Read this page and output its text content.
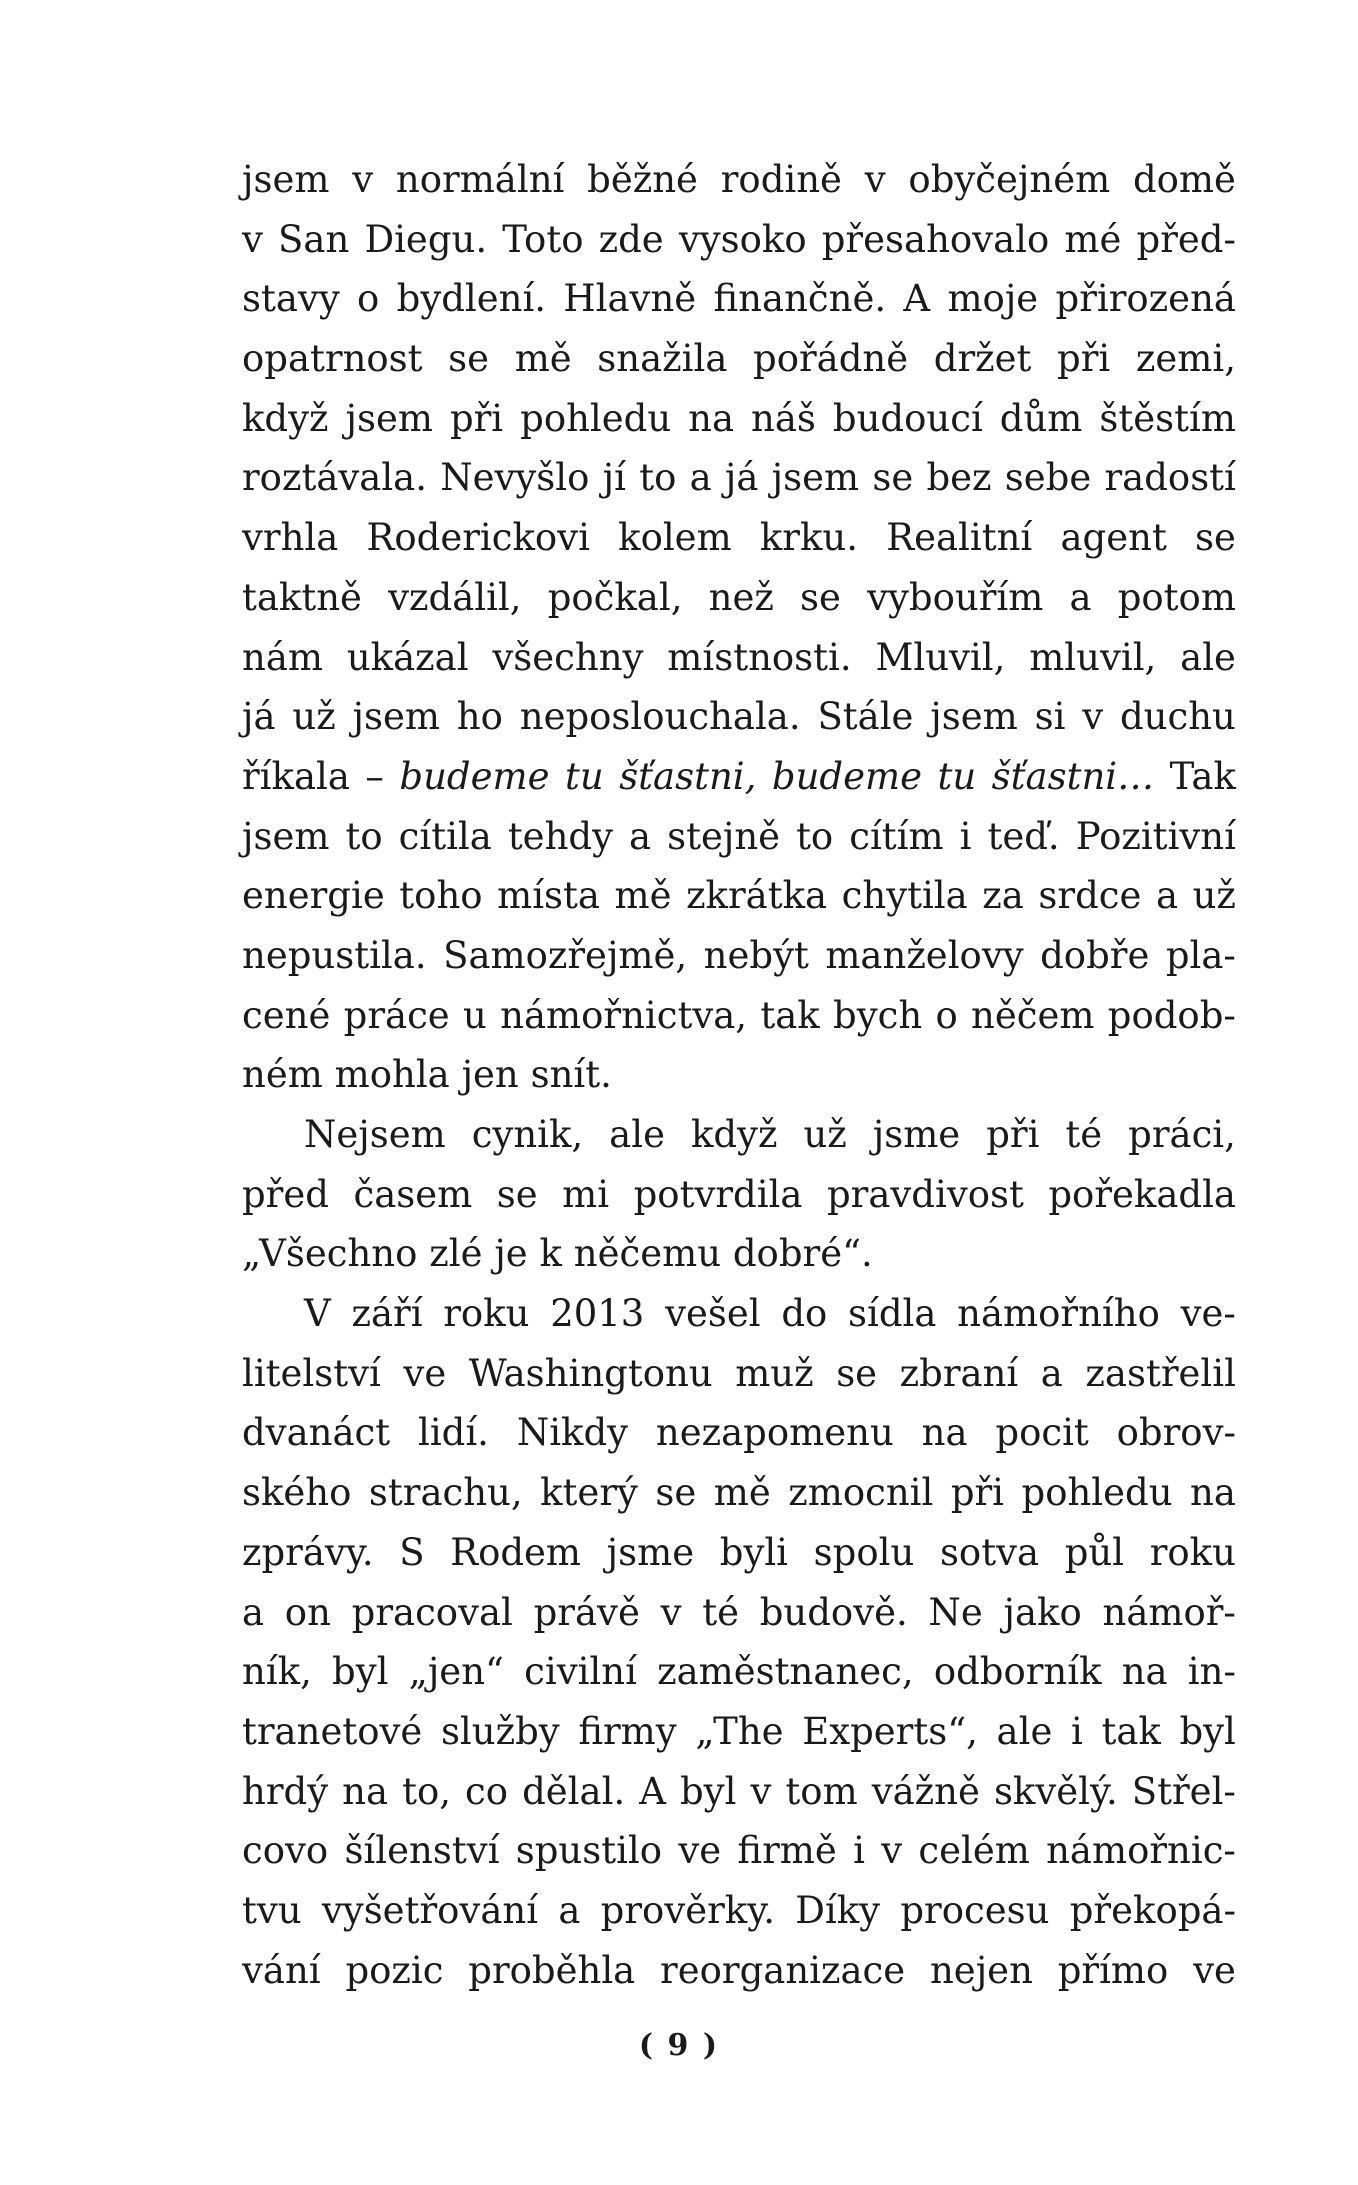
jsem v normální běžné rodině v obyčejném domě
v San Diegu. Toto zde vysoko přesahovalo mé před-
stavy o bydlení. Hlavně finančně. A moje přirozená
opatrnost se mě snažila pořádně držet při zemi,
když jsem při pohledu na náš budoucí dům štěstím
roztávala. Nevyšlo jí to a já jsem se bez sebe radostí
vrhla Roderickovi kolem krku. Realitní agent se
taktně vzdálil, počkal, než se vybouřím a potom
nám ukázal všechny místnosti. Mluvil, mluvil, ale
já už jsem ho neposlouchala. Stále jsem si v duchu
říkala – budeme tu šťastni, budeme tu šťastni… Tak
jsem to cítila tehdy a stejně to cítím i teď. Pozitivní
energie toho místa mě zkrátka chytila za srdce a už
nepustila. Samozřejmě, nebýt manželovy dobře pla-
cené práce u námořnictva, tak bych o něčem podob-
ném mohla jen snít.
Nejsem cynik, ale když už jsme při té práci,
před časem se mi potvrdila pravdivost pořekadla
„Všechno zlé je k něčemu dobré“.
V září roku 2013 vešel do sídla námořního ve-
litelství ve Washingtonu muž se zbraní a zastřelil
dvanáct lidí. Nikdy nezapomenu na pocit obrov-
ského strachu, který se mě zmocnil při pohledu na
zprávy. S Rodem jsme byli spolu sotva půl roku
a on pracoval právě v té budově. Ne jako námoř-
ník, byl „jen“ civilní zaměstnanec, odborník na in-
tranetové služby firmy „The Experts“, ale i tak byl
hrdý na to, co dělal. A byl v tom vážně skvělý. Střel-
covo šílenství spustilo ve firmě i v celém námořnic-
tvu vyšetřování a prověrky. Díky procesu překopá-
vání pozic proběhla reorganizace nejen přímo ve
( 9 )
